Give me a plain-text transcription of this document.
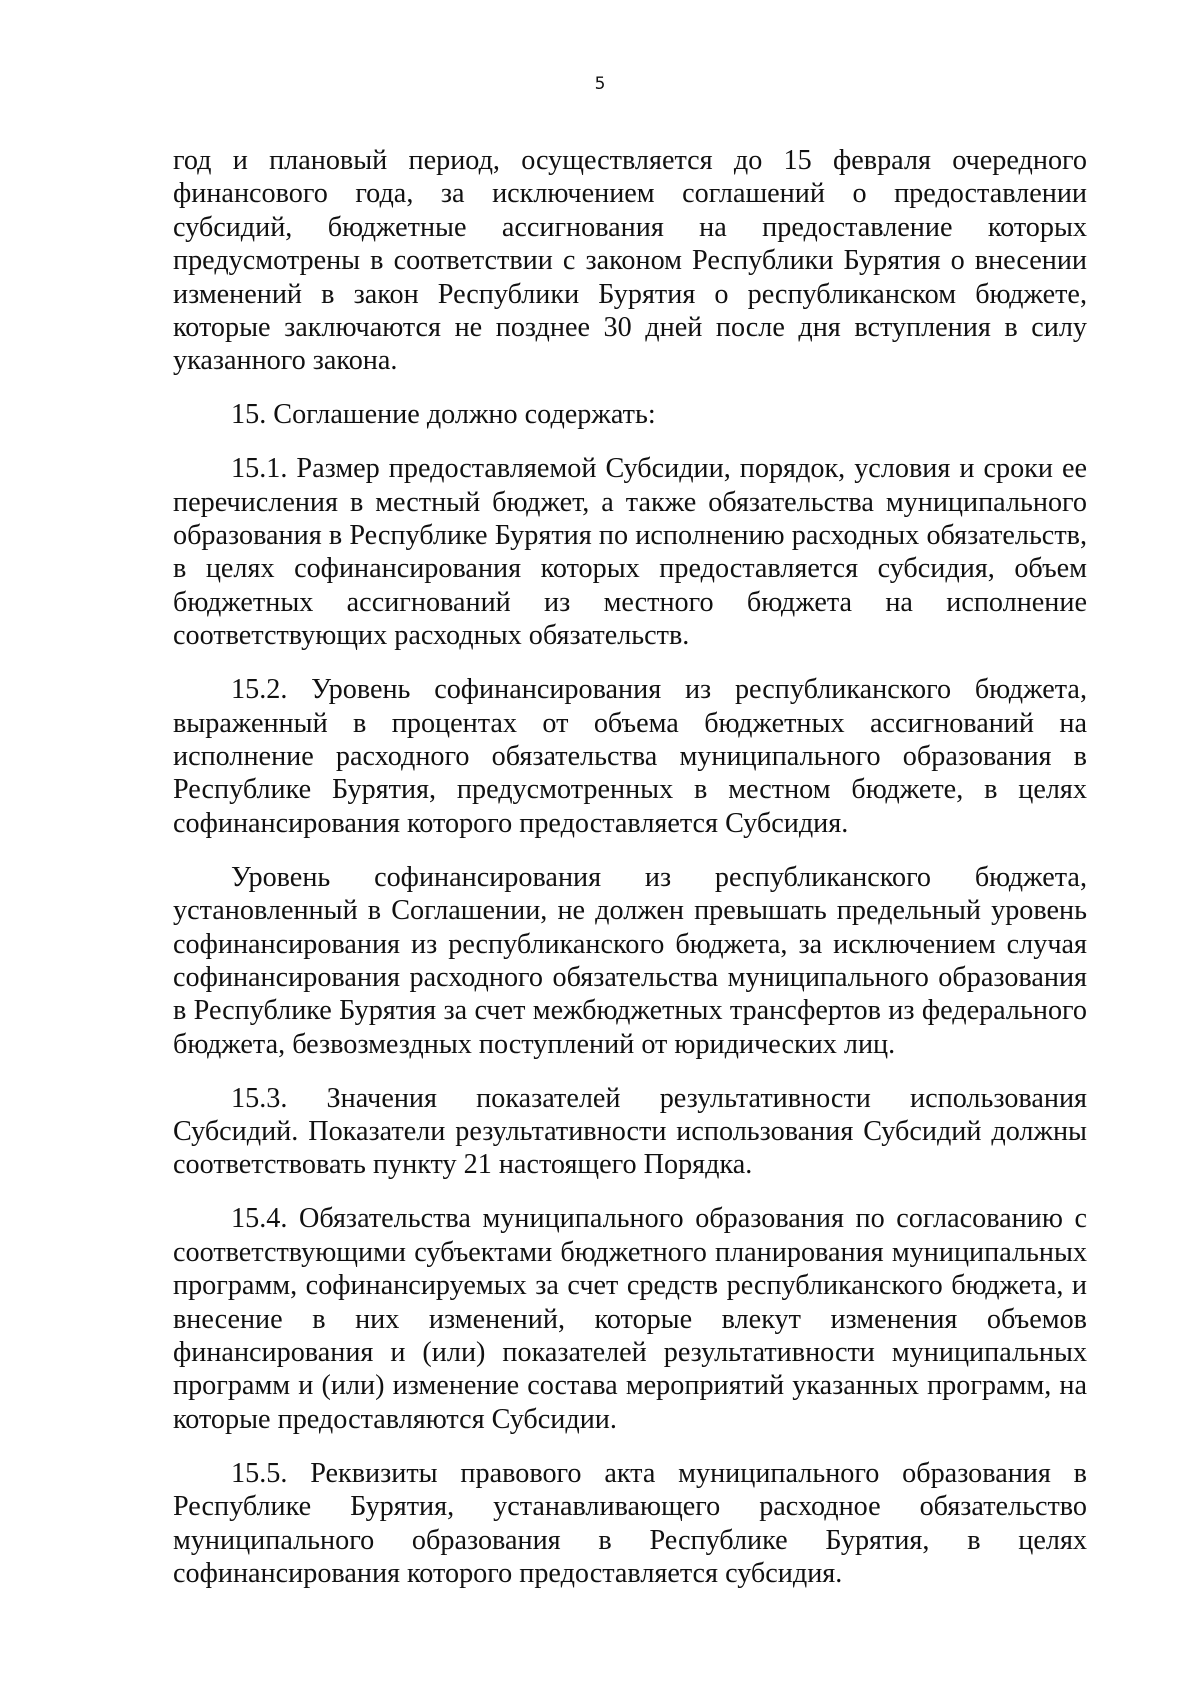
5

год и плановый период, осуществляется до 15 февраля очередного финансового года, за исключением соглашений о предоставлении субсидий, бюджетные ассигнования на предоставление которых предусмотрены в соответствии с законом Республики Бурятия о внесении изменений в закон Республики Бурятия о республиканском бюджете, которые заключаются не позднее 30 дней после дня вступления в силу указанного закона.

15. Соглашение должно содержать:

15.1. Размер предоставляемой Субсидии, порядок, условия и сроки ее перечисления в местный бюджет, а также обязательства муниципального образования в Республике Бурятия по исполнению расходных обязательств, в целях софинансирования которых предоставляется субсидия, объем бюджетных ассигнований из местного бюджета на исполнение соответствующих расходных обязательств.

15.2. Уровень софинансирования из республиканского бюджета, выраженный в процентах от объема бюджетных ассигнований на исполнение расходного обязательства муниципального образования в Республике Бурятия, предусмотренных в местном бюджете, в целях софинансирования которого предоставляется Субсидия.

Уровень софинансирования из республиканского бюджета, установленный в Соглашении, не должен превышать предельный уровень софинансирования из республиканского бюджета, за исключением случая софинансирования расходного обязательства муниципального образования в Республике Бурятия за счет межбюджетных трансфертов из федерального бюджета, безвозмездных поступлений от юридических лиц.

15.3. Значения показателей результативности использования Субсидий. Показатели результативности использования Субсидий должны соответствовать пункту 21 настоящего Порядка.

15.4. Обязательства муниципального образования по согласованию с соответствующими субъектами бюджетного планирования муниципальных программ, софинансируемых за счет средств республиканского бюджета, и внесение в них изменений, которые влекут изменения объемов финансирования и (или) показателей результативности муниципальных программ и (или) изменение состава мероприятий указанных программ, на которые предоставляются Субсидии.

15.5. Реквизиты правового акта муниципального образования в Республике Бурятия, устанавливающего расходное обязательство муниципального образования в Республике Бурятия, в целях софинансирования которого предоставляется субсидия.
